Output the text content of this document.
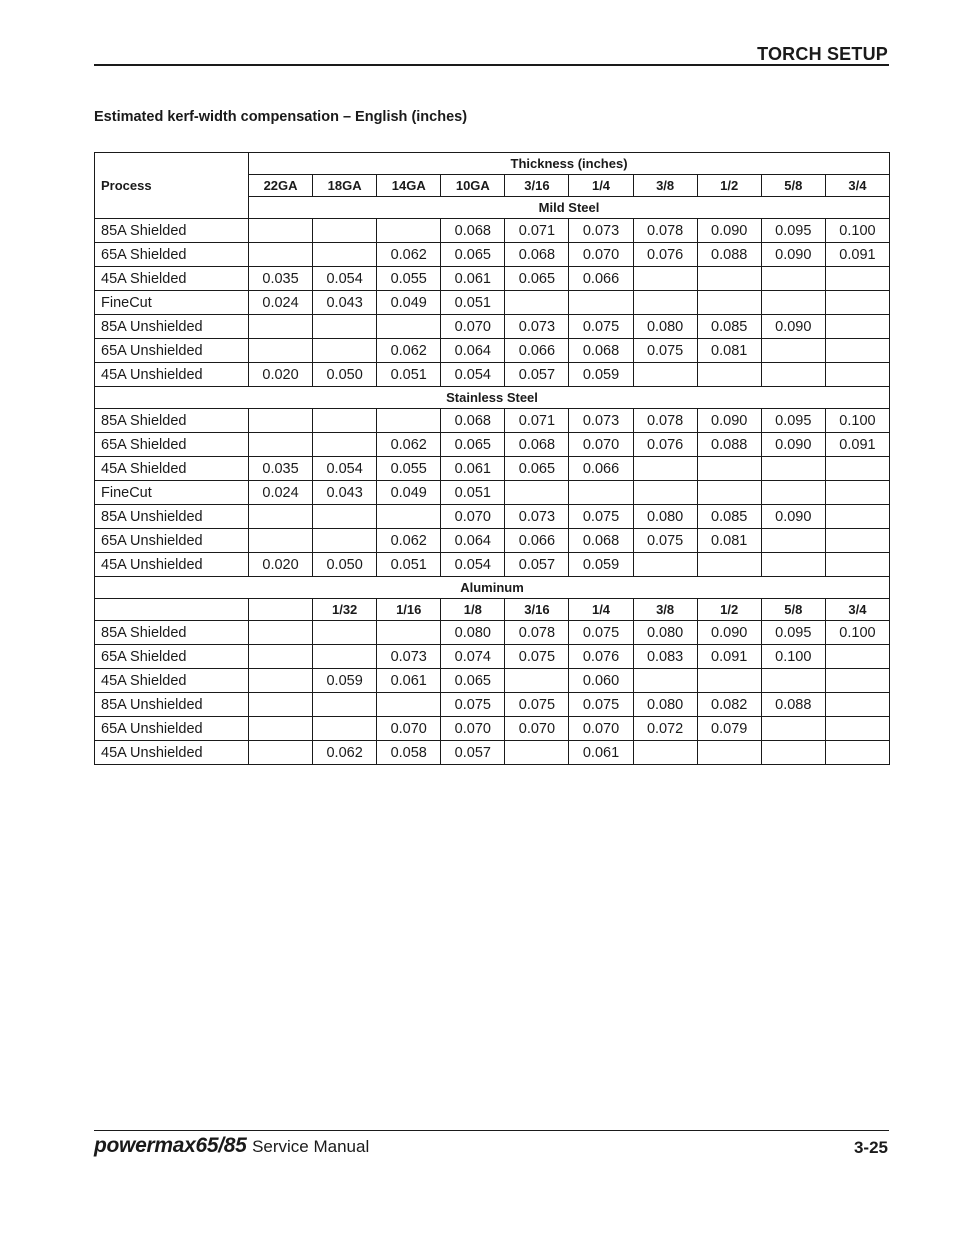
TORCH SETUP
Estimated kerf-width compensation – English (inches)
Process	Thickness (inches)									
	22GA	18GA	14GA	10GA	3/16	1/4	3/8	1/2	5/8	3/4
	Mild Steel									
85A Shielded				0.068	0.071	0.073	0.078	0.090	0.095	0.100
65A Shielded			0.062	0.065	0.068	0.070	0.076	0.088	0.090	0.091
45A Shielded	0.035	0.054	0.055	0.061	0.065	0.066				
FineCut	0.024	0.043	0.049	0.051						
85A Unshielded				0.070	0.073	0.075	0.080	0.085	0.090	
65A Unshielded			0.062	0.064	0.066	0.068	0.075	0.081		
45A Unshielded	0.020	0.050	0.051	0.054	0.057	0.059				
Stainless Steel										
85A Shielded				0.068	0.071	0.073	0.078	0.090	0.095	0.100
65A Shielded			0.062	0.065	0.068	0.070	0.076	0.088	0.090	0.091
45A Shielded	0.035	0.054	0.055	0.061	0.065	0.066				
FineCut	0.024	0.043	0.049	0.051						
85A Unshielded				0.070	0.073	0.075	0.080	0.085	0.090	
65A Unshielded			0.062	0.064	0.066	0.068	0.075	0.081		
45A Unshielded	0.020	0.050	0.051	0.054	0.057	0.059				
Aluminum										
		1/32	1/16	1/8	3/16	1/4	3/8	1/2	5/8	3/4
85A Shielded				0.080	0.078	0.075	0.080	0.090	0.095	0.100
65A Shielded			0.073	0.074	0.075	0.076	0.083	0.091	0.100	
45A Shielded		0.059	0.061	0.065		0.060				
85A Unshielded				0.075	0.075	0.075	0.080	0.082	0.088	
65A Unshielded			0.070	0.070	0.070	0.070	0.072	0.079		
45A Unshielded		0.062	0.058	0.057		0.061				
powermax65/85 Service Manual	3-25
